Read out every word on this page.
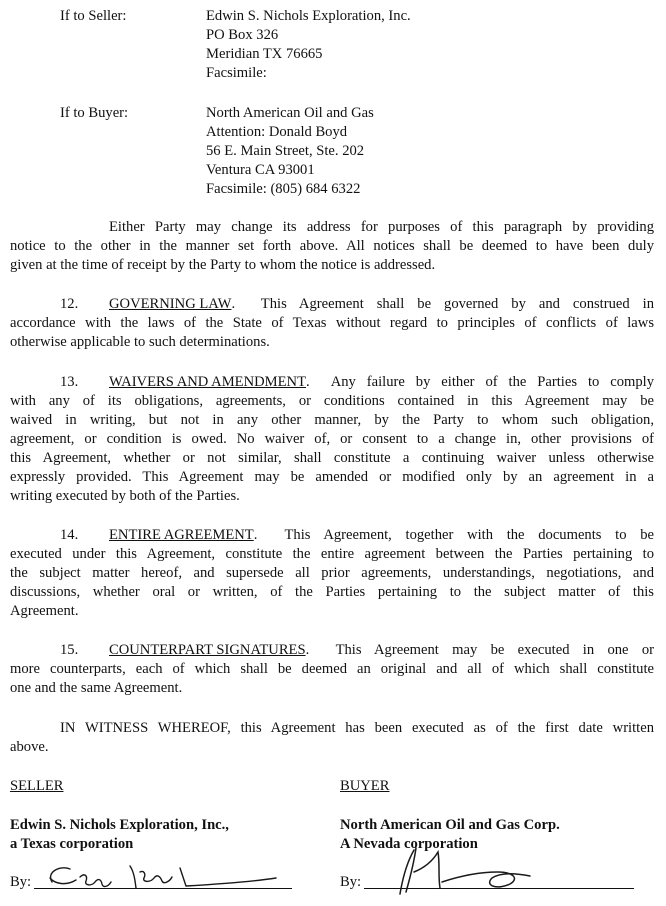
If to Seller:	Edwin S. Nichols Exploration, Inc.
PO Box 326
Meridian TX 76665
Facsimile:
If to Buyer:	North American Oil and Gas
Attention: Donald Boyd
56 E. Main Street, Ste. 202
Ventura CA 93001
Facsimile: (805) 684 6322
Either Party may change its address for purposes of this paragraph by providing
notice to the other in the manner set forth above. All notices shall be deemed to have been duly
given at the time of receipt by the Party to whom the notice is addressed.
12. GOVERNING LAW .  This Agreement shall be governed by and construed in
accordance with the laws of the State of Texas without regard to principles of conflicts of laws
otherwise applicable to such determinations.
13. WAIVERS AND AMENDMENT .  Any failure by either of the Parties to comply
with any of its obligations, agreements, or conditions contained in this Agreement may be
waived in writing, but not in any other manner, by the Party to whom such obligation,
agreement, or condition is owed. No waiver of, or consent to a change in, other provisions of
this Agreement, whether or not similar, shall constitute a continuing waiver unless otherwise
expressly provided. This Agreement may be amended or modified only by an agreement in a
writing executed by both of the Parties.
14. ENTIRE AGREEMENT .  This Agreement, together with the documents to be
executed under this Agreement, constitute the entire agreement between the Parties pertaining to
the subject matter hereof, and supersede all prior agreements, understandings, negotiations, and
discussions, whether oral or written, of the Parties pertaining to the subject matter of this
Agreement.
15. COUNTERPART SIGNATURES .  This Agreement may be executed in one or
more counterparts, each of which shall be deemed an original and all of which shall constitute
one and the same Agreement.
IN WITNESS WHEREOF, this Agreement has been executed as of the first date written
above.
SELLER
Edwin S. Nichols Exploration, Inc.,
a Texas corporation
By:
BUYER
North American Oil and Gas Corp.
A Nevada corporation
By:
